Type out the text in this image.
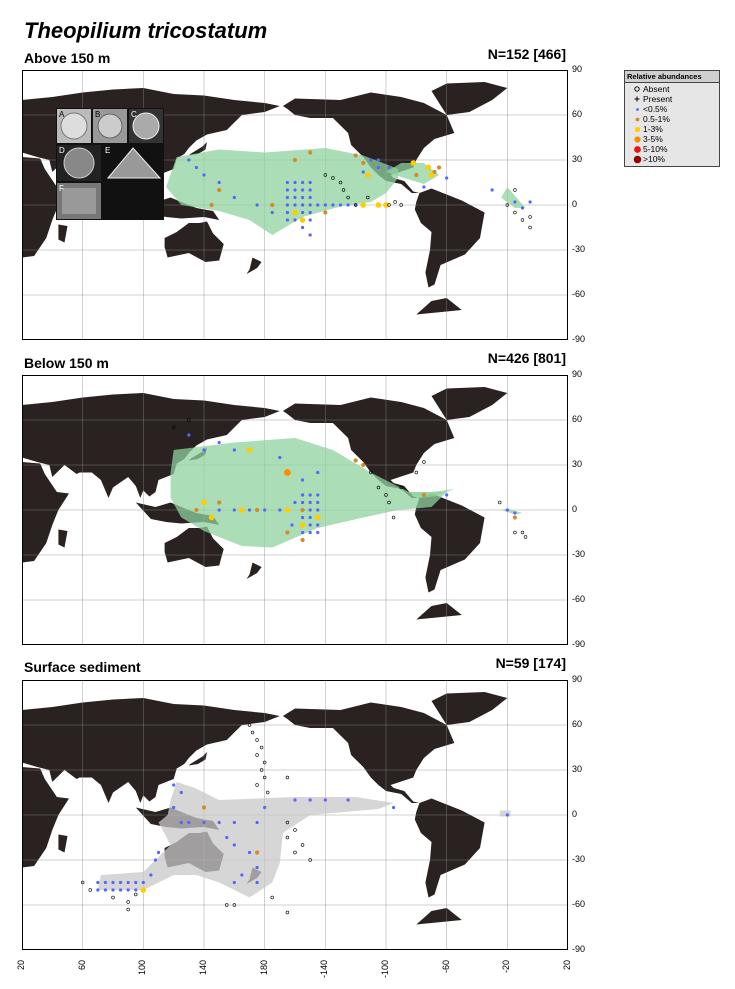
Theopilium tricostatum
Above 150 m	N=152 [466]
Below 150 m	N=426 [801]
Surface sediment	N=59 [174]
A	B	C
D	E
F
Relative abundances
Absent
Present
<0.5%
0.5-1%
1-3%
3-5%
5-10%
>10%
90
60
30
0
-30
-60
-90
90
60
30
0
-30
-60
-90
90
60
30
0
-30
-60
-90
20	60	100	140	180	-140	-100	-60	-20	20
